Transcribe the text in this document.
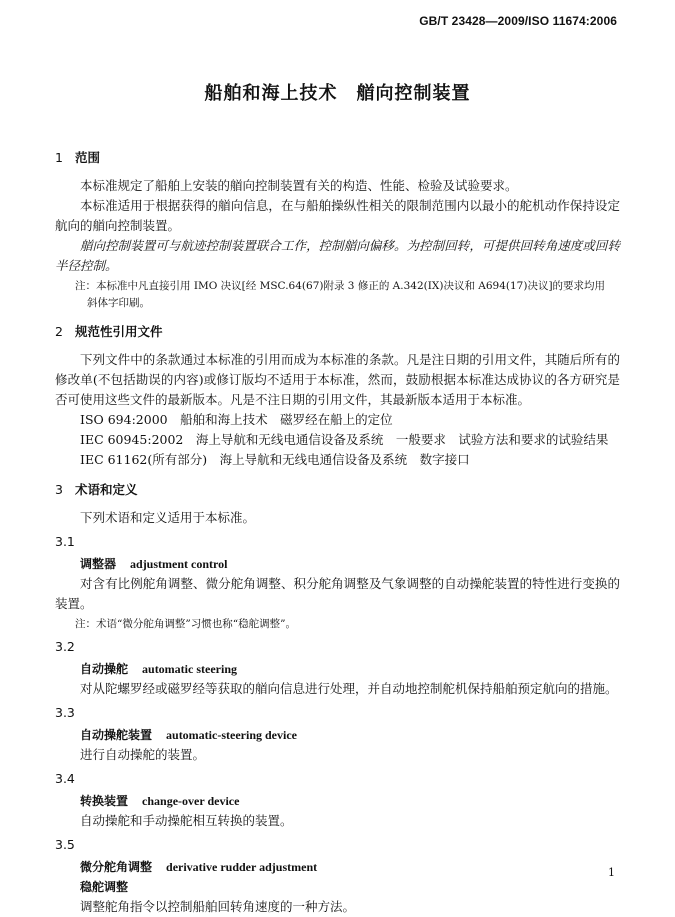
GB/T 23428—2009/ISO 11674:2006
船舶和海上技术　艏向控制装置
1 范围

本标准规定了船舶上安装的艏向控制装置有关的构造、性能、检验及试验要求。

本标准适用于根据获得的艏向信息，在与船舶操纵性相关的限制范围内以最小的舵机动作保持设定航向的艏向控制装置。

艏向控制装置可与航迹控制装置联合工作，控制艏向偏移。为控制回转，可提供回转角速度或回转半径控制。

注：本标准中凡直接引用 IMO 决议[经 MSC.64(67)附录 3 修正的 A.342(IX)决议和 A694(17)决议]的要求均用
斜体字印刷。
2 规范性引用文件

下列文件中的条款通过本标准的引用而成为本标准的条款。凡是注日期的引用文件，其随后所有的修改单(不包括勘误的内容)或修订版均不适用于本标准，然而，鼓励根据本标准达成协议的各方研究是否可使用这些文件的最新版本。凡是不注日期的引用文件，其最新版本适用于本标准。

ISO 694:2000　船舶和海上技术　磁罗经在船上的定位

IEC 60945:2002　海上导航和无线电通信设备及系统　一般要求　试验方法和要求的试验结果

IEC 61162(所有部分)　海上导航和无线电通信设备及系统　数字接口

3 术语和定义

下列术语和定义适用于本标准。

3.1
调整器 adjustment control

对含有比例舵角调整、微分舵角调整、积分舵角调整及气象调整的自动操舵装置的特性进行变换的装置。

注：术语“微分舵角调整”习惯也称“稳舵调整”。
3.2
自动操舵 automatic steering

对从陀螺罗经或磁罗经等获取的艏向信息进行处理，并自动地控制舵机保持船舶预定航向的措施。

3.3
自动操舵装置 automatic-steering device

进行自动操舵的装置。

3.4
转换装置 change-over device

自动操舵和手动操舵相互转换的装置。

3.5
微分舵角调整 derivative rudder adjustment
稳舵调整

调整舵角指令以控制船舶回转角速度的一种方法。

1
